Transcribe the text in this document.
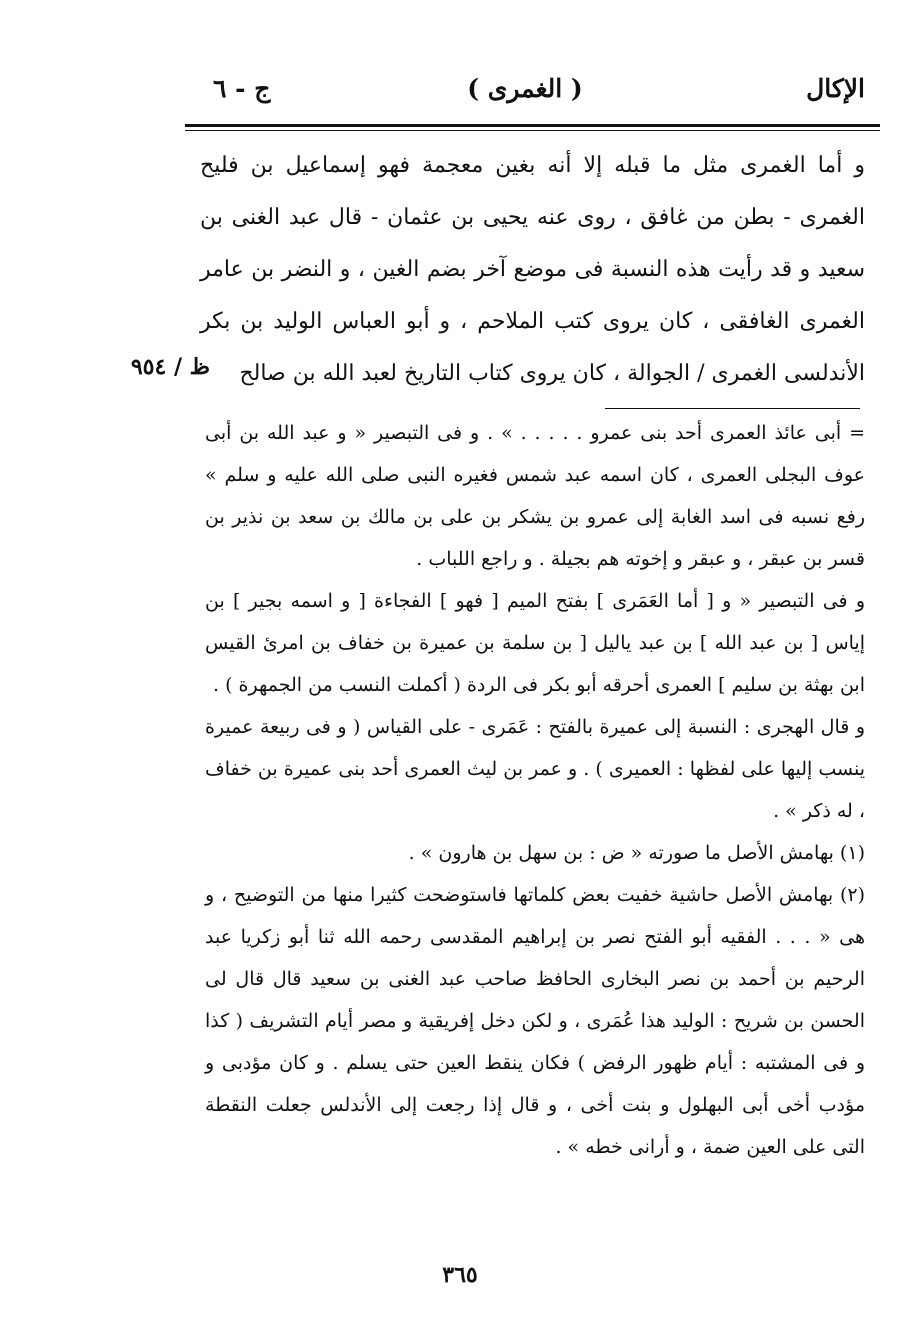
الإكال
( الغمرى )
ج - ٦

و أما الغمرى مثل ما قبله إلا أنه بغين معجمة فهو إسماعيل بن فليح الغمرى - بطن من غافق ، روى عنه يحيى بن عثمان - قال عبد الغنى بن سعيد و قد رأيت هذه النسبة فى موضع آخر بضم الغين ، و النضر بن عامر الغمرى الغافقى ، كان يروى كتب الملاحم ، و أبو العباس الوليد بن بكر الأندلسى الغمرى / الجوالة ، كان يروى كتاب التاريخ لعبد الله بن صالح

ظ / ٩٥٤

= أبى عائذ العمرى أحد بنى عمرو . . . . . » . و فى التبصير « و عبد الله بن أبى عوف البجلى العمرى ، كان اسمه عبد شمس فغيره النبى صلى الله عليه و سلم » رفع نسبه فى اسد الغابة إلى عمرو بن يشكر بن على بن مالك بن سعد بن نذير بن قسر بن عبقر ، و عبقر و إخوته هم بجيلة . و راجع اللباب .

و فى التبصير « و [ أما العَمَرى ] بفتح الميم [ فهو ] الفجاءة [ و اسمه بجير ] بن إياس [ بن عبد الله ] بن عبد ياليل [ بن سلمة بن عميرة بن خفاف بن امرئ القيس ابن بهثة بن سليم ] العمرى أحرقه أبو بكر فى الردة ( أكملت النسب من الجمهرة ) .

و قال الهجرى : النسبة إلى عميرة بالفتح : عَمَرى - على القياس ( و فى ربيعة عميرة ينسب إليها على لفظها : العميرى ) . و عمر بن ليث العمرى أحد بنى عميرة بن خفاف ، له ذكر » .

(١) بهامش الأصل ما صورته « ض : بن سهل بن هارون » .

(٢) بهامش الأصل حاشية خفيت بعض كلماتها فاستوضحت كثيرا منها من التوضيح ، و هى « . . . الفقيه أبو الفتح نصر بن إبراهيم المقدسى رحمه الله ثنا أبو زكريا عبد الرحيم بن أحمد بن نصر البخارى الحافظ صاحب عبد الغنى بن سعيد قال قال لى الحسن بن شريح : الوليد هذا عُمَرى ، و لكن دخل إفريقية و مصر أيام التشريف ( كذا و فى المشتبه : أيام ظهور الرفض ) فكان ينقط العين حتى يسلم . و كان مؤدبى و مؤدب أخى أبى البهلول و بنت أخى ، و قال إذا رجعت إلى الأندلس جعلت النقطة التى على العين ضمة ، و أرانى خطه » .

٣٦٥
